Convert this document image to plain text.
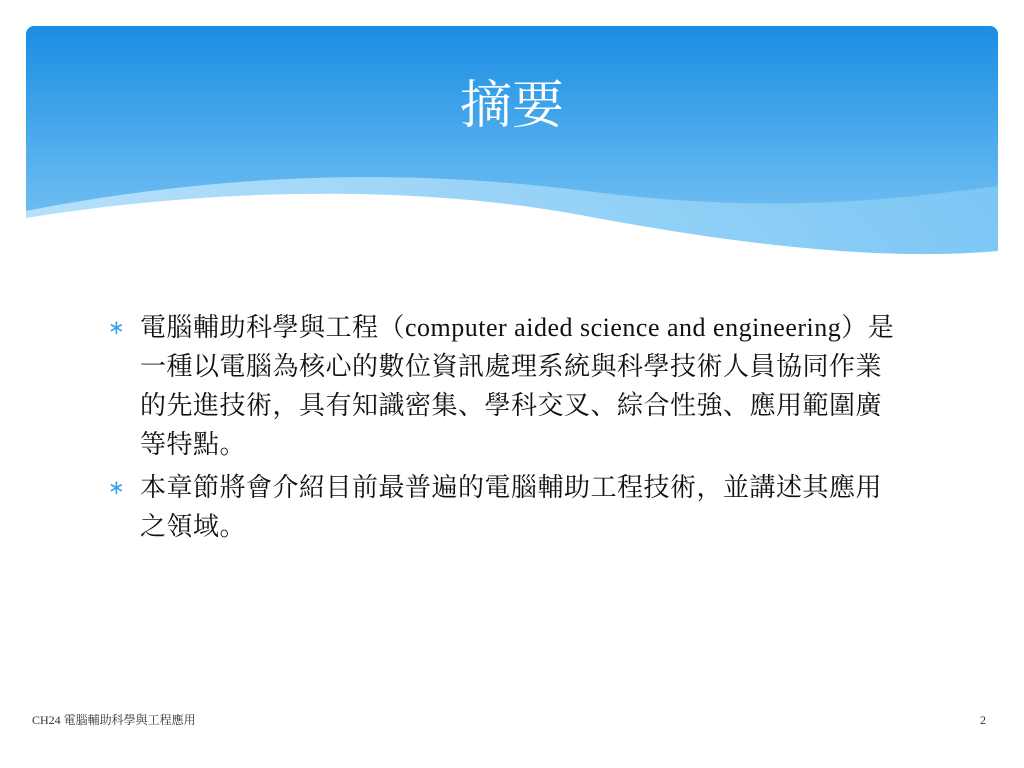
摘要
∗ 電腦輔助科學與工程（computer aided science and engineering）是一種以電腦為核心的數位資訊處理系統與科學技術人員協同作業的先進技術，具有知識密集、學科交叉、綜合性強、應用範圍廣等特點。
∗ 本章節將會介紹目前最普遍的電腦輔助工程技術，並講述其應用之領域。
CH24 電腦輔助科學與工程應用	2
